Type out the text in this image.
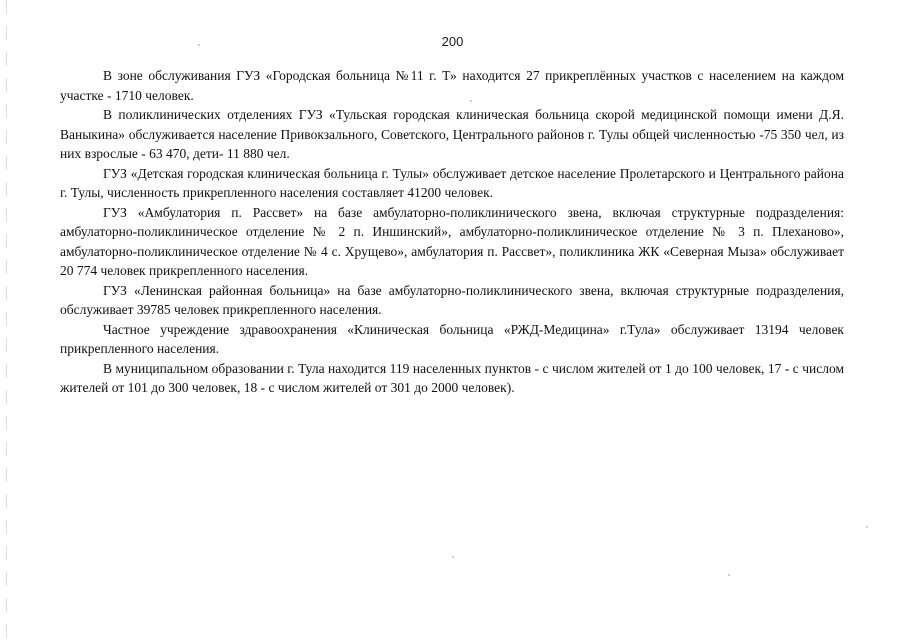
200

В зоне обслуживания ГУЗ «Городская больница №11 г. Т» находится 27 прикреплённых участков с населением на каждом участке - 1710 человек.

В поликлинических отделениях ГУЗ «Тульская городская клиническая больница скорой медицинской помощи имени Д.Я. Ваныкина» обслуживается население Привокзального, Советского, Центрального районов г. Тулы общей численностью -75 350 чел, из них взрослые - 63 470, дети- 11 880 чел.

ГУЗ «Детская городская клиническая больница г. Тулы» обслуживает детское население Пролетарского и Центрального района г. Тулы, численность прикрепленного населения составляет 41200 человек.

ГУЗ «Амбулатория п. Рассвет» на базе амбулаторно-поликлинического звена, включая структурные подразделения: амбулаторно-поликлиническое отделение № 2 п. Иншинский», амбулаторно-поликлиническое отделение № 3 п. Плеханово», амбулаторно-поликлиническое отделение № 4 с. Хрущево», амбулатория п. Рассвет», поликлиника ЖК «Северная Мыза» обслуживает 20 774 человек прикрепленного населения.

ГУЗ «Ленинская районная больница» на базе амбулаторно-поликлинического звена, включая структурные подразделения, обслуживает 39785 человек прикрепленного населения.

Частное учреждение здравоохранения «Клиническая больница «РЖД-Медицина» г.Тула» обслуживает 13194 человек прикрепленного населения.

В муниципальном образовании г. Тула находится 119 населенных пунктов - с числом жителей от 1 до 100 человек, 17 - с числом жителей от 101 до 300 человек, 18 - с числом жителей от 301 до 2000 человек).
